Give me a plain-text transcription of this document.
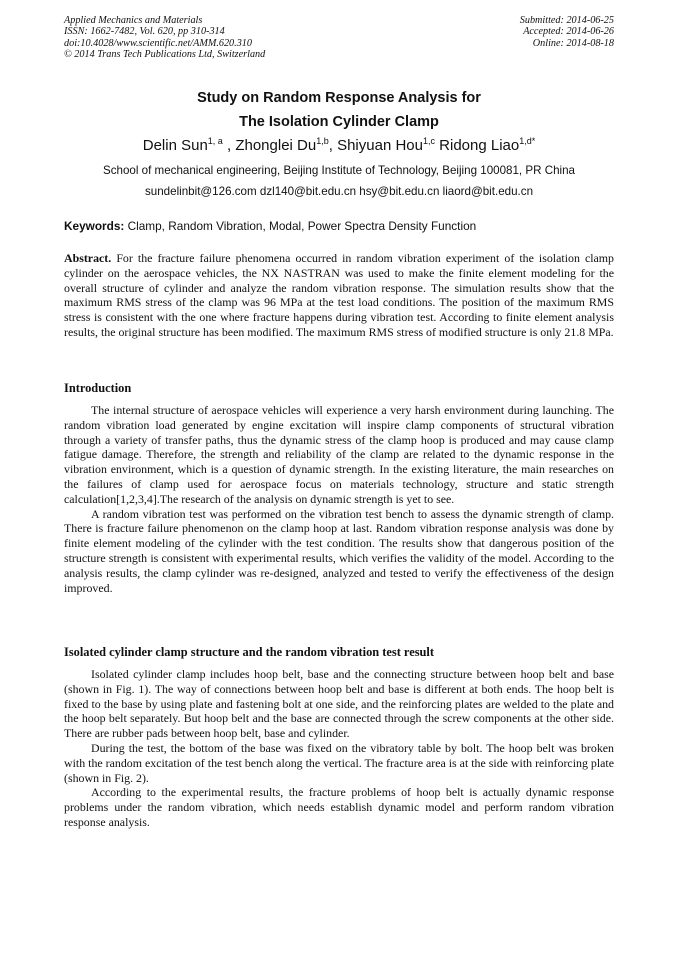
Applied Mechanics and Materials
ISSN: 1662-7482, Vol. 620, pp 310-314
doi:10.4028/www.scientific.net/AMM.620.310
© 2014 Trans Tech Publications Ltd, Switzerland
Submitted: 2014-06-25
Accepted: 2014-06-26
Online: 2014-08-18
Study on Random Response Analysis for
The Isolation Cylinder Clamp
Delin Sun$^{1, a}$ , Zhonglei Du$^{1,b}$, Shiyuan Hou$^{1,c}$ Ridong Liao$^{1,d*}$
School of mechanical engineering, Beijing Institute of Technology, Beijing 100081, PR China
sundelinbit@126.com dzl140@bit.edu.cn hsy@bit.edu.cn liaord@bit.edu.cn
Keywords: Clamp, Random Vibration, Modal, Power Spectra Density Function

Abstract. For the fracture failure phenomena occurred in random vibration experiment of the isolation clamp cylinder on the aerospace vehicles, the NX NASTRAN was used to make the finite element modeling for the overall structure of cylinder and analyze the random vibration response. The simulation results show that the maximum RMS stress of the clamp was 96 MPa at the test load conditions. The position of the maximum RMS stress is consistent with the one where fracture happens during vibration test. According to finite element analysis results, the original structure has been modified. The maximum RMS stress of modified structure is only 21.8 MPa.

Introduction

The internal structure of aerospace vehicles will experience a very harsh environment during launching. The random vibration load generated by engine excitation will inspire clamp components of structural vibration through a variety of transfer paths, thus the dynamic stress of the clamp hoop is produced and may cause clamp fatigue damage. Therefore, the strength and reliability of the clamp are related to the dynamic response in the vibration environment, which is a question of dynamic strength. In the existing literature, the main researches on the failures of clamp used for aerospace focus on materials technology, structure and static strength calculation[1,2,3,4].The research of the analysis on dynamic strength is yet to see.

A random vibration test was performed on the vibration test bench to assess the dynamic strength of clamp. There is fracture failure phenomenon on the clamp hoop at last. Random vibration response analysis was done by finite element modeling of the cylinder with the test condition. The results show that dangerous position of the structure strength is consistent with experimental results, which verifies the validity of the model. According to the analysis results, the clamp cylinder was re-designed, analyzed and tested to verify the effectiveness of the design improved.

Isolated cylinder clamp structure and the random vibration test result

Isolated cylinder clamp includes hoop belt, base and the connecting structure between hoop belt and base (shown in Fig. 1). The way of connections between hoop belt and base is different at both ends. The hoop belt is fixed to the base by using plate and fastening bolt at one side, and the reinforcing plates are welded to the plate and the hoop belt separately. But hoop belt and the base are connected through the screw components at the other side. There are rubber pads between hoop belt, base and cylinder.

During the test, the bottom of the base was fixed on the vibratory table by bolt. The hoop belt was broken with the random excitation of the test bench along the vertical. The fracture area is at the side with reinforcing plate (shown in Fig. 2).

According to the experimental results, the fracture problems of hoop belt is actually dynamic response problems under the random vibration, which needs establish dynamic model and perform random vibration response analysis.
